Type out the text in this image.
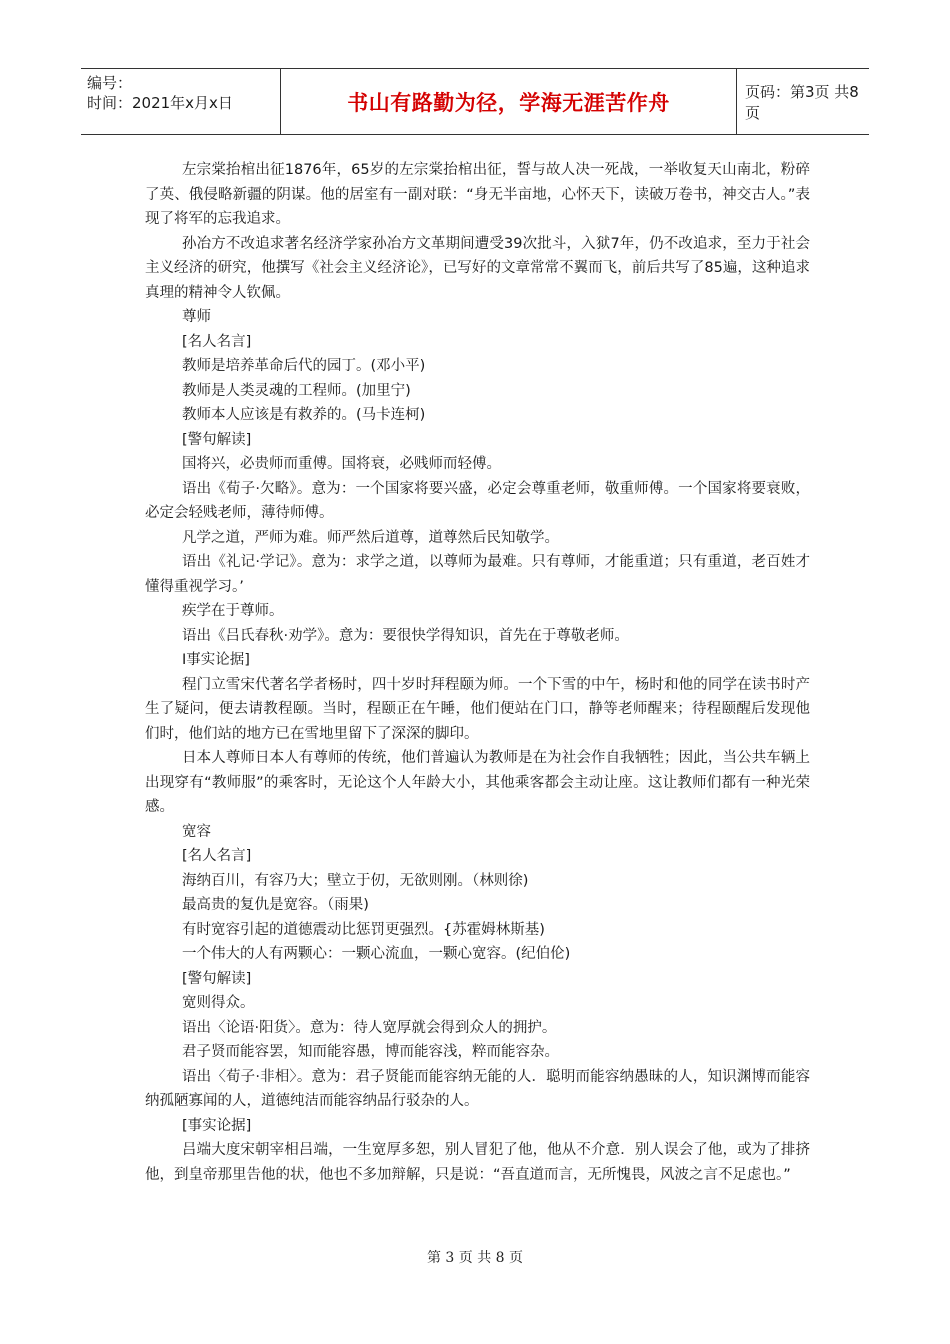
编号：
时间：2021年x月x日	书山有路勤为径，学海无涯苦作舟	页码：第3页 共8页

左宗棠抬棺出征1876年，65岁的左宗棠抬棺出征，誓与故人决一死战，一举收复天山南北，粉碎了英、俄侵略新疆的阴谋。他的居室有一副对联：“身无半亩地，心怀天下，读破万卷书，神交古人。”表现了将军的忘我追求。

孙冶方不改追求著名经济学家孙冶方文革期间遭受39次批斗，入狱7年，仍不改追求，至力于社会主义经济的研究，他撰写《社会主义经济论》，已写好的文章常常不翼而飞，前后共写了85遍，这种追求真理的精神令人钦佩。

尊师

[名人名言]

教师是培养革命后代的园丁。(邓小平)

教师是人类灵魂的工程师。(加里宁)

教师本人应该是有救养的。(马卡连柯)

[警句解读]

国将兴，必贵师而重傅。国将衰，必贱师而轻傅。

语出《荀子·欠略》。意为：一个国家将要兴盛，必定会尊重老师，敬重师傅。一个国家将要衰败，必定会轻贱老师，薄待师傅。

凡学之道，严师为难。师严然后道尊，道尊然后民知敬学。

语出《礼记·学记》。意为：求学之道，以尊师为最难。只有尊师，才能重道；只有重道，老百姓才懂得重视学习。’

疾学在于尊师。

语出《吕氏春秋·劝学》。意为：要很快学得知识，首先在于尊敬老师。

I事实论据]

程门立雪宋代著名学者杨时，四十岁时拜程颐为师。一个下雪的中午，杨时和他的同学在读书时产生了疑问，便去请教程颐。当时，程颐正在午睡，他们便站在门口，静等老师醒来；待程颐醒后发现他们时，他们站的地方已在雪地里留下了深深的脚印。

日本人尊师日本人有尊师的传统，他们普遍认为教师是在为社会作自我牺牲；因此，当公共车辆上出现穿有“教师服”的乘客时，无论这个人年龄大小，其他乘客都会主动让座。这让教师们都有一种光荣感。

宽容

[名人名言]

海纳百川，有容乃大；壁立于仞，无欲则刚。（林则徐)

最高贵的复仇是宽容。（雨果)

有时宽容引起的道德震动比惩罚更强烈。{苏霍姆林斯基)

一个伟大的人有两颗心：一颗心流血，一颗心宽容。(纪伯伦)

[警句解读]

宽则得众。

语出〈论语·阳货〉。意为：待人宽厚就会得到众人的拥护。

君子贤而能容罢，知而能容愚，博而能容浅，粹而能容杂。

语出〈荀子·非相〉。意为：君子贤能而能容纳无能的人．聪明而能容纳愚昧的人，知识渊博而能容纳孤陋寡闻的人，道德纯洁而能容纳品行驳杂的人。

[事实论据]

吕端大度宋朝宰相吕端，一生宽厚多恕，别人冒犯了他，他从不介意．别人误会了他，或为了排挤他，到皇帝那里告他的状，他也不多加辩解，只是说：“吾直道而言，无所愧畏，风波之言不足虑也。”

第 3 页 共 8 页
